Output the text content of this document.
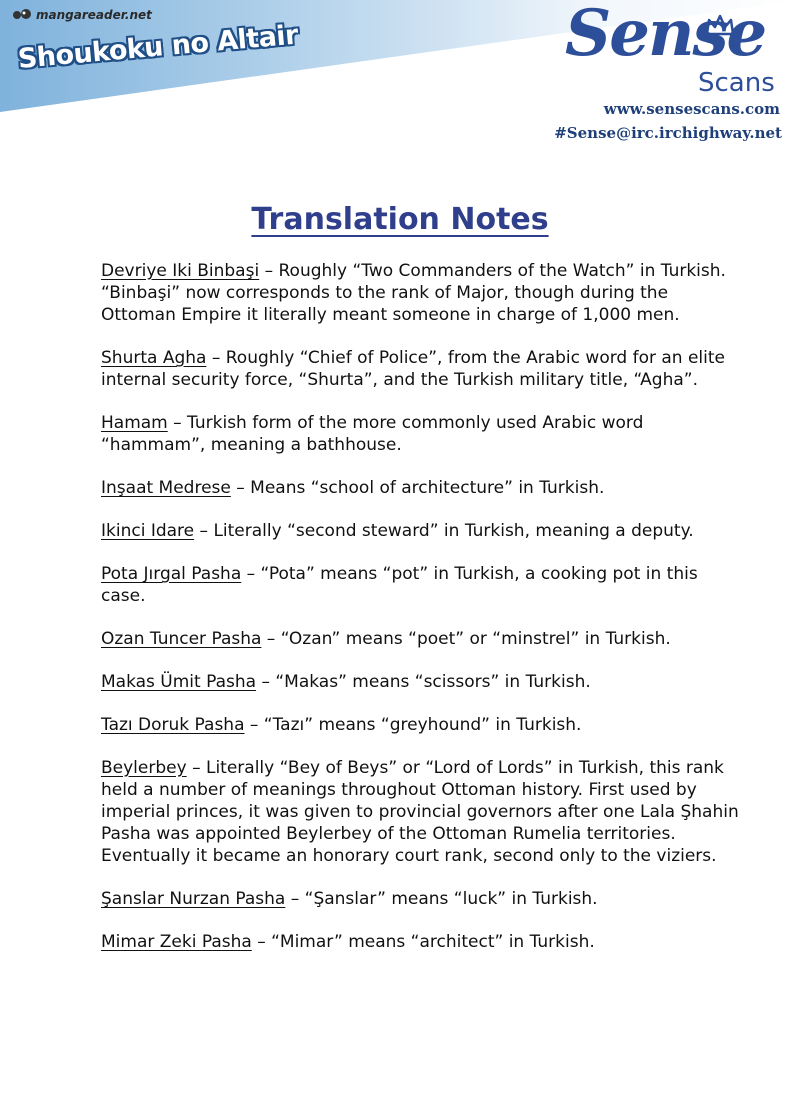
mangareader.net
Shoukoku no Altair	Sense
Scans
www.sensescans.com
#Sense@irc.irchighway.net
Translation Notes

Devriye Iki Binbaşi – Roughly “Two Commanders of the Watch” in Turkish. “Binbaşi” now corresponds to the rank of Major, though during the Ottoman Empire it literally meant someone in charge of 1,000 men.

Shurta Agha – Roughly “Chief of Police”, from the Arabic word for an elite internal security force, “Shurta”, and the Turkish military title, “Agha”.

Hamam – Turkish form of the more commonly used Arabic word “hammam”, meaning a bathhouse.

Inşaat Medrese – Means “school of architecture” in Turkish.

Ikinci Idare – Literally “second steward” in Turkish, meaning a deputy.

Pota Jırgal Pasha – “Pota” means “pot” in Turkish, a cooking pot in this case.

Ozan Tuncer Pasha – “Ozan” means “poet” or “minstrel” in Turkish.

Makas Ümit Pasha – “Makas” means “scissors” in Turkish.

Tazı Doruk Pasha – “Tazı” means “greyhound” in Turkish.

Beylerbey – Literally “Bey of Beys” or “Lord of Lords” in Turkish, this rank held a number of meanings throughout Ottoman history. First used by imperial princes, it was given to provincial governors after one Lala Şhahin Pasha was appointed Beylerbey of the Ottoman Rumelia territories. Eventually it became an honorary court rank, second only to the viziers.

Şanslar Nurzan Pasha – “Şanslar” means “luck” in Turkish.

Mimar Zeki Pasha – “Mimar” means “architect” in Turkish.
